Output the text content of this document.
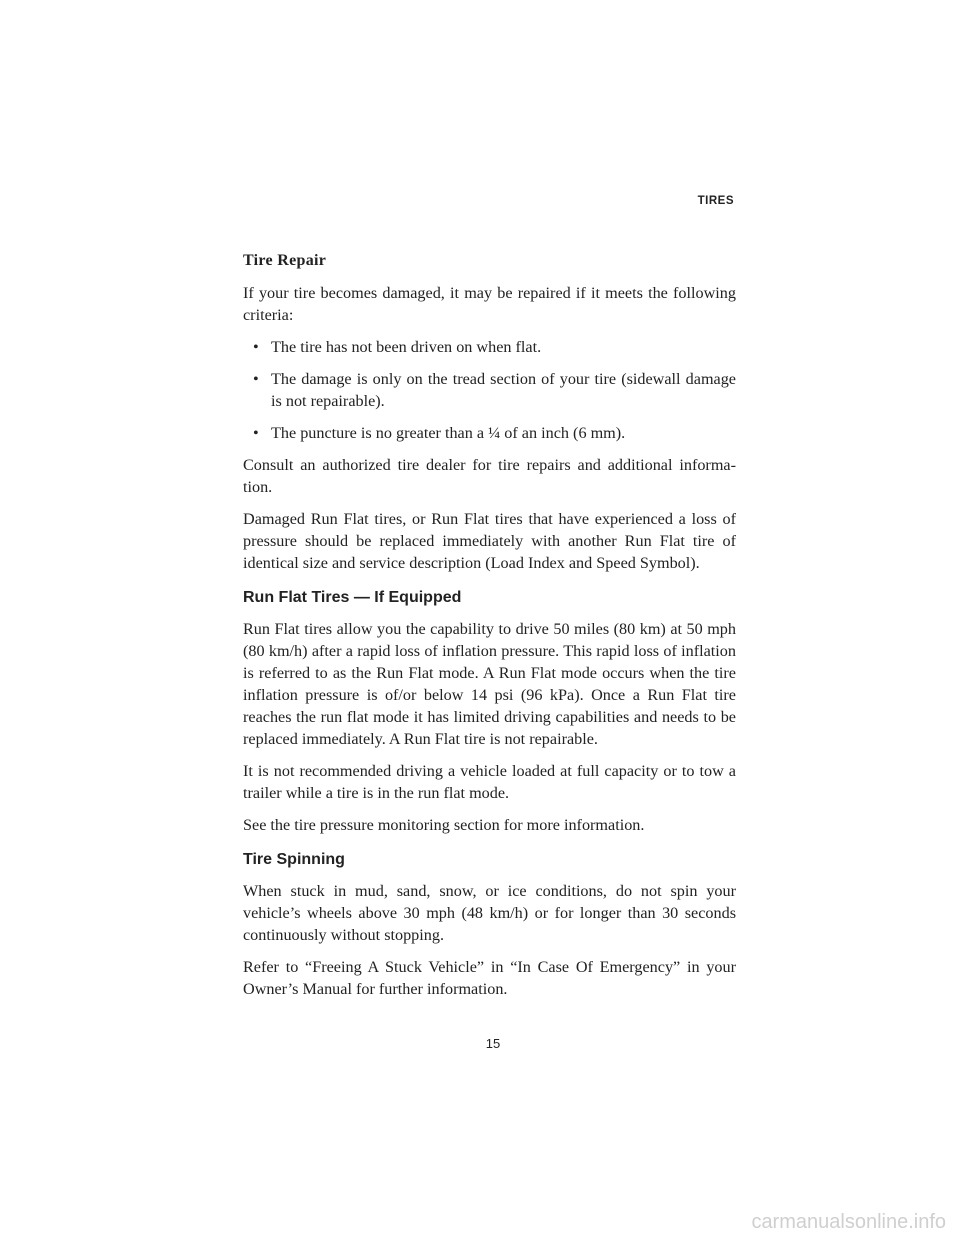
TIRES
Tire Repair

If your tire becomes damaged, it may be repaired if it meets the following criteria:

• The tire has not been driven on when flat.
• The damage is only on the tread section of your tire (sidewall damage is not repairable).
• The puncture is no greater than a ¼ of an inch (6 mm).

Consult an authorized tire dealer for tire repairs and additional informa-tion.

Damaged Run Flat tires, or Run Flat tires that have experienced a loss of pressure should be replaced immediately with another Run Flat tire of identical size and service description (Load Index and Speed Symbol).

Run Flat Tires — If Equipped

Run Flat tires allow you the capability to drive 50 miles (80 km) at 50 mph (80 km/h) after a rapid loss of inflation pressure. This rapid loss of inflation is referred to as the Run Flat mode. A Run Flat mode occurs when the tire inflation pressure is of/or below 14 psi (96 kPa). Once a Run Flat tire reaches the run flat mode it has limited driving capabilities and needs to be replaced immediately. A Run Flat tire is not repairable.

It is not recommended driving a vehicle loaded at full capacity or to tow a trailer while a tire is in the run flat mode.

See the tire pressure monitoring section for more information.

Tire Spinning

When stuck in mud, sand, snow, or ice conditions, do not spin your vehicle’s wheels above 30 mph (48 km/h) or for longer than 30 seconds continuously without stopping.

Refer to “Freeing A Stuck Vehicle” in “In Case Of Emergency” in your Owner’s Manual for further information.

15
carmanualsonline.info
